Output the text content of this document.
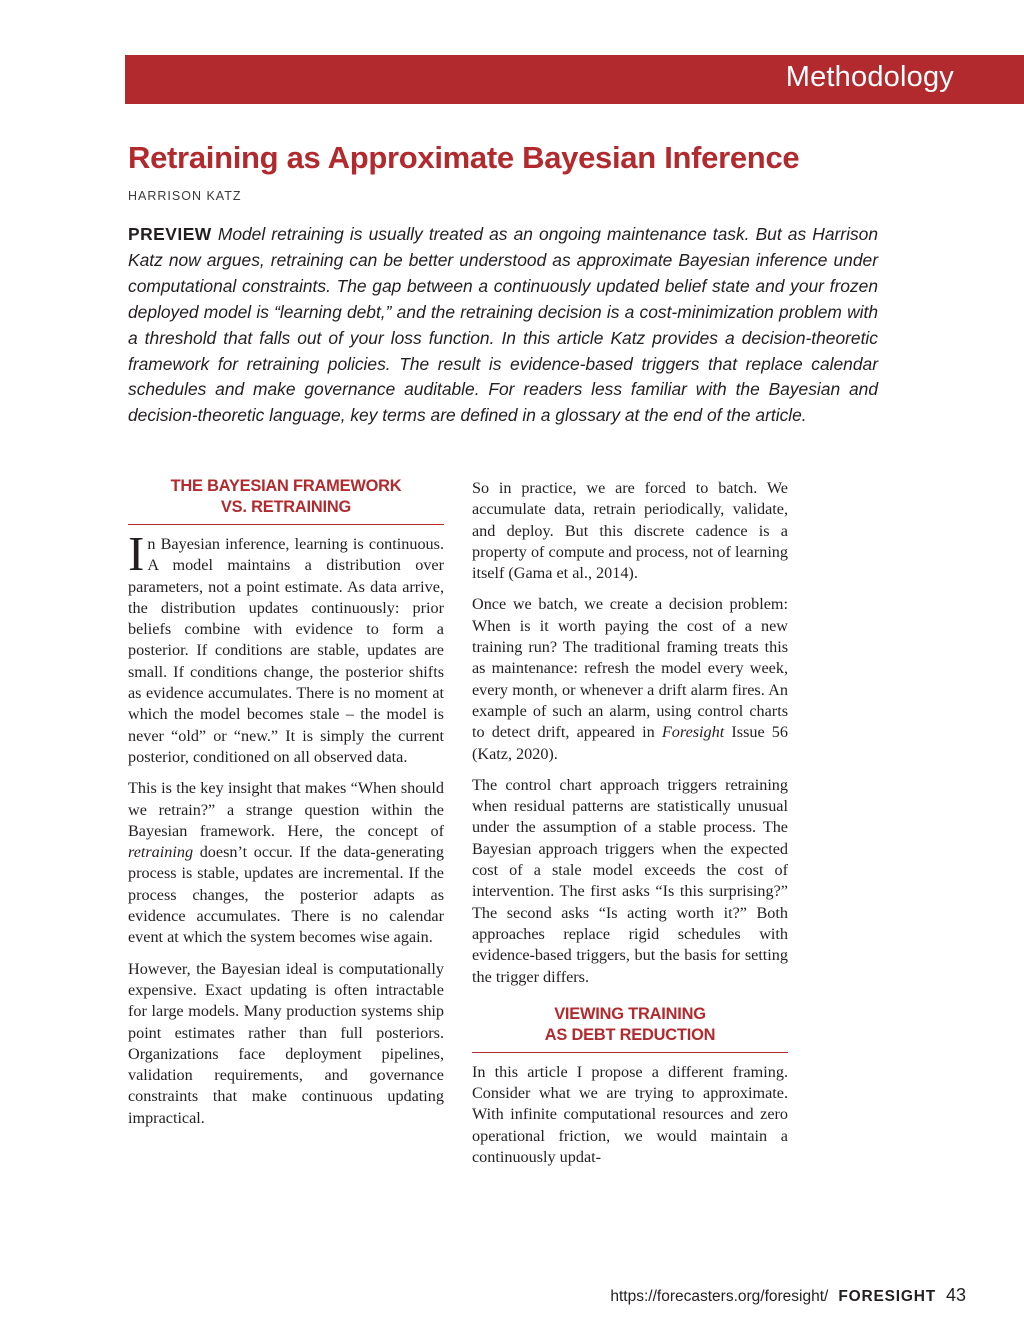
Methodology
Retraining as Approximate Bayesian Inference
HARRISON KATZ

PREVIEW Model retraining is usually treated as an ongoing maintenance task. But as Harrison Katz now argues, retraining can be better understood as approximate Bayesian inference under computational constraints. The gap between a continuously updated belief state and your frozen deployed model is “learning debt,” and the retraining decision is a cost-minimization problem with a threshold that falls out of your loss function. In this article Katz provides a decision-theoretic framework for retraining policies. The result is evidence-based triggers that replace calendar schedules and make governance auditable. For readers less familiar with the Bayesian and decision-theoretic language, key terms are defined in a glossary at the end of the article.

THE BAYESIAN FRAMEWORK
VS. RETRAINING

In Bayesian inference, learning is continuous. A model maintains a distribution over parameters, not a point estimate. As data arrive, the distribution updates continuously: prior beliefs combine with evidence to form a posterior. If conditions are stable, updates are small. If conditions change, the posterior shifts as evidence accumulates. There is no moment at which the model becomes stale – the model is never “old” or “new.” It is simply the current posterior, conditioned on all observed data.

This is the key insight that makes “When should we retrain?” a strange question within the Bayesian framework. Here, the concept of retraining doesn’t occur. If the data-generating process is stable, updates are incremental. If the process changes, the posterior adapts as evidence accumulates. There is no calendar event at which the system becomes wise again.

However, the Bayesian ideal is computationally expensive. Exact updating is often intractable for large models. Many production systems ship point estimates rather than full posteriors. Organizations face deployment pipelines, validation requirements, and governance constraints that make continuous updating impractical.

So in practice, we are forced to batch. We accumulate data, retrain periodically, validate, and deploy. But this discrete cadence is a property of compute and process, not of learning itself (Gama et al., 2014).

Once we batch, we create a decision problem: When is it worth paying the cost of a new training run? The traditional framing treats this as maintenance: refresh the model every week, every month, or whenever a drift alarm fires. An example of such an alarm, using control charts to detect drift, appeared in Foresight Issue 56 (Katz, 2020).

The control chart approach triggers retraining when residual patterns are statistically unusual under the assumption of a stable process. The Bayesian approach triggers when the expected cost of a stale model exceeds the cost of intervention. The first asks “Is this surprising?” The second asks “Is acting worth it?” Both approaches replace rigid schedules with evidence-based triggers, but the basis for setting the trigger differs.

VIEWING TRAINING
AS DEBT REDUCTION

In this article I propose a different framing. Consider what we are trying to approximate. With infinite computational resources and zero operational friction, we would maintain a continuously updat-

https://forecasters.org/foresight/ FORESIGHT 43
